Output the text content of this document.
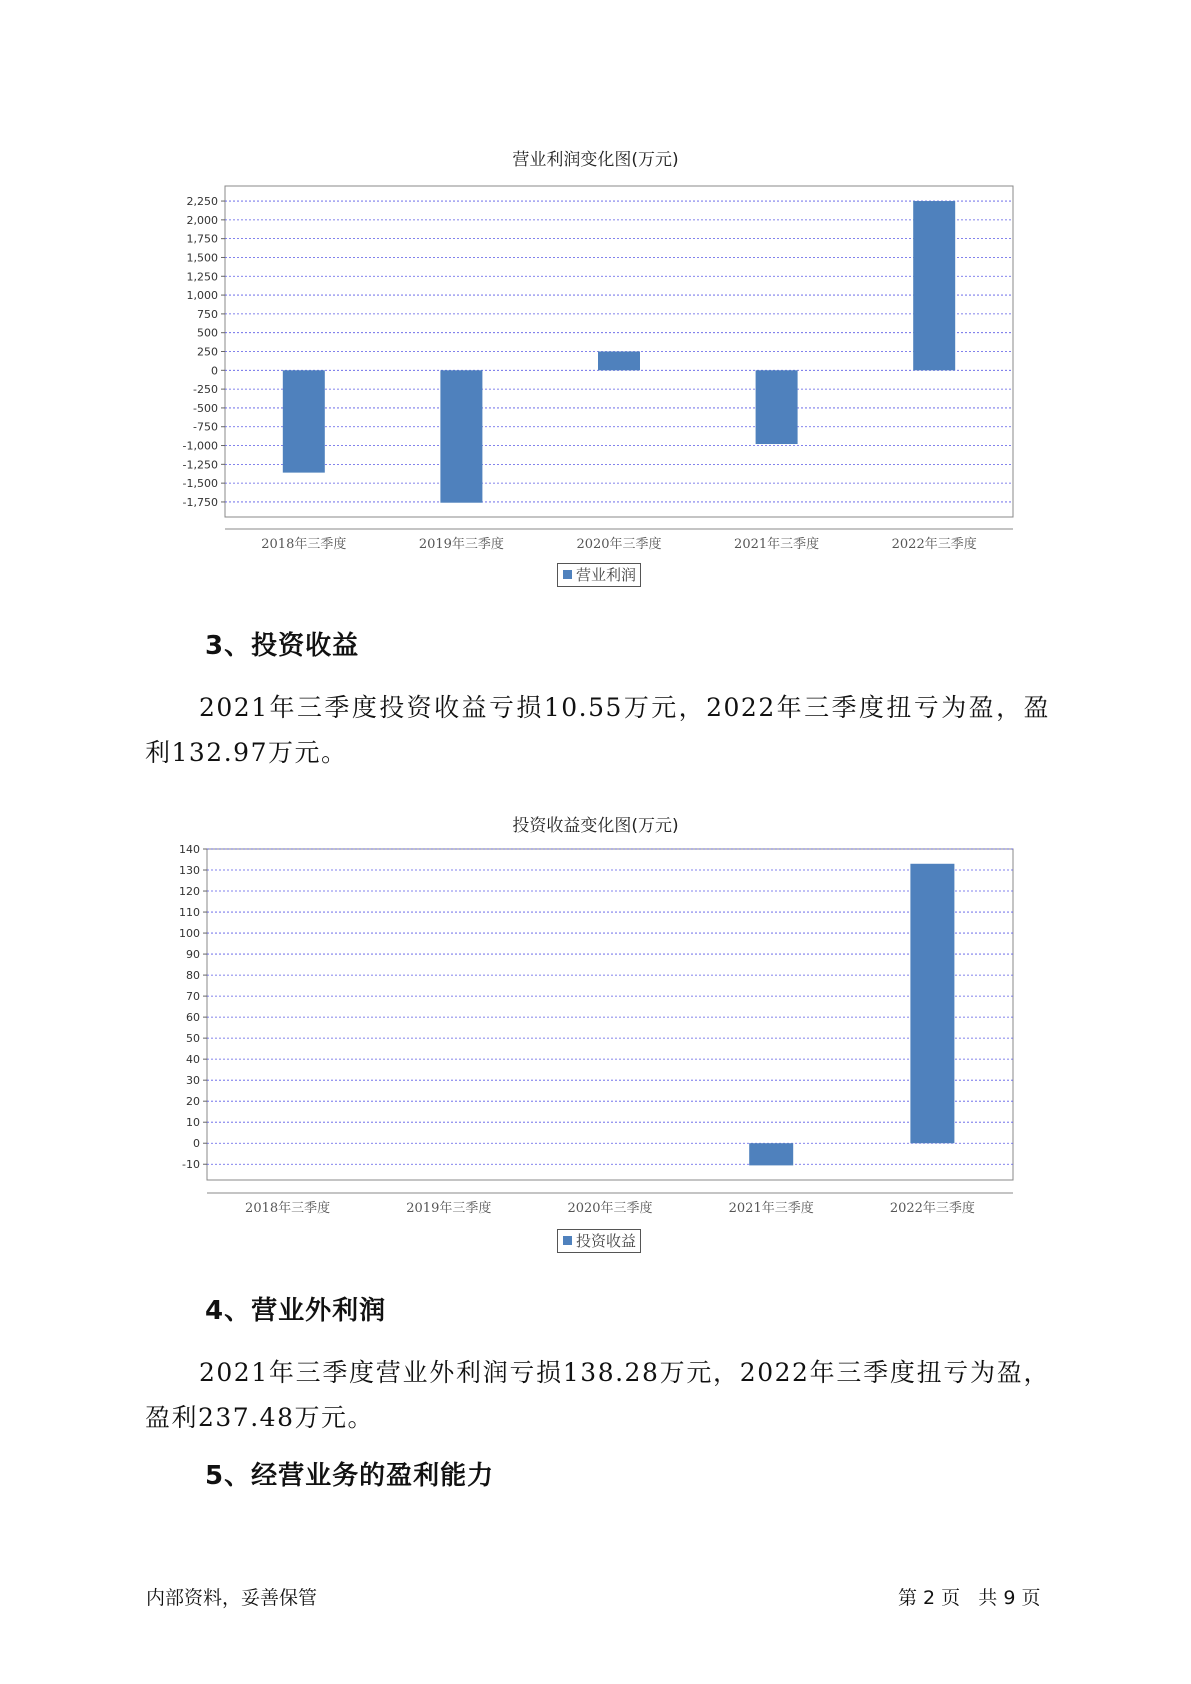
营业利润变化图(万元)
2,250
2,000
1,750
1,500
1,250
1,000
750
500
250
0
-250
-500
-750
-1,000
-1,250
-1,500
-1,750
2018年三季度	2019年三季度	2020年三季度	2021年三季度	2022年三季度
营业利润
3、投资收益
2021年三季度投资收益亏损10.55万元，2022年三季度扭亏为盈，盈利132.97万元。
投资收益变化图(万元)
140
130
120
110
100
90
80
70
60
50
40
30
20
10
0
-10
2018年三季度	2019年三季度	2020年三季度	2021年三季度	2022年三季度
投资收益
4、营业外利润
2021年三季度营业外利润亏损138.28万元，2022年三季度扭亏为盈，盈利237.48万元。
5、经营业务的盈利能力
内部资料，妥善保管	第 2 页   共 9 页
